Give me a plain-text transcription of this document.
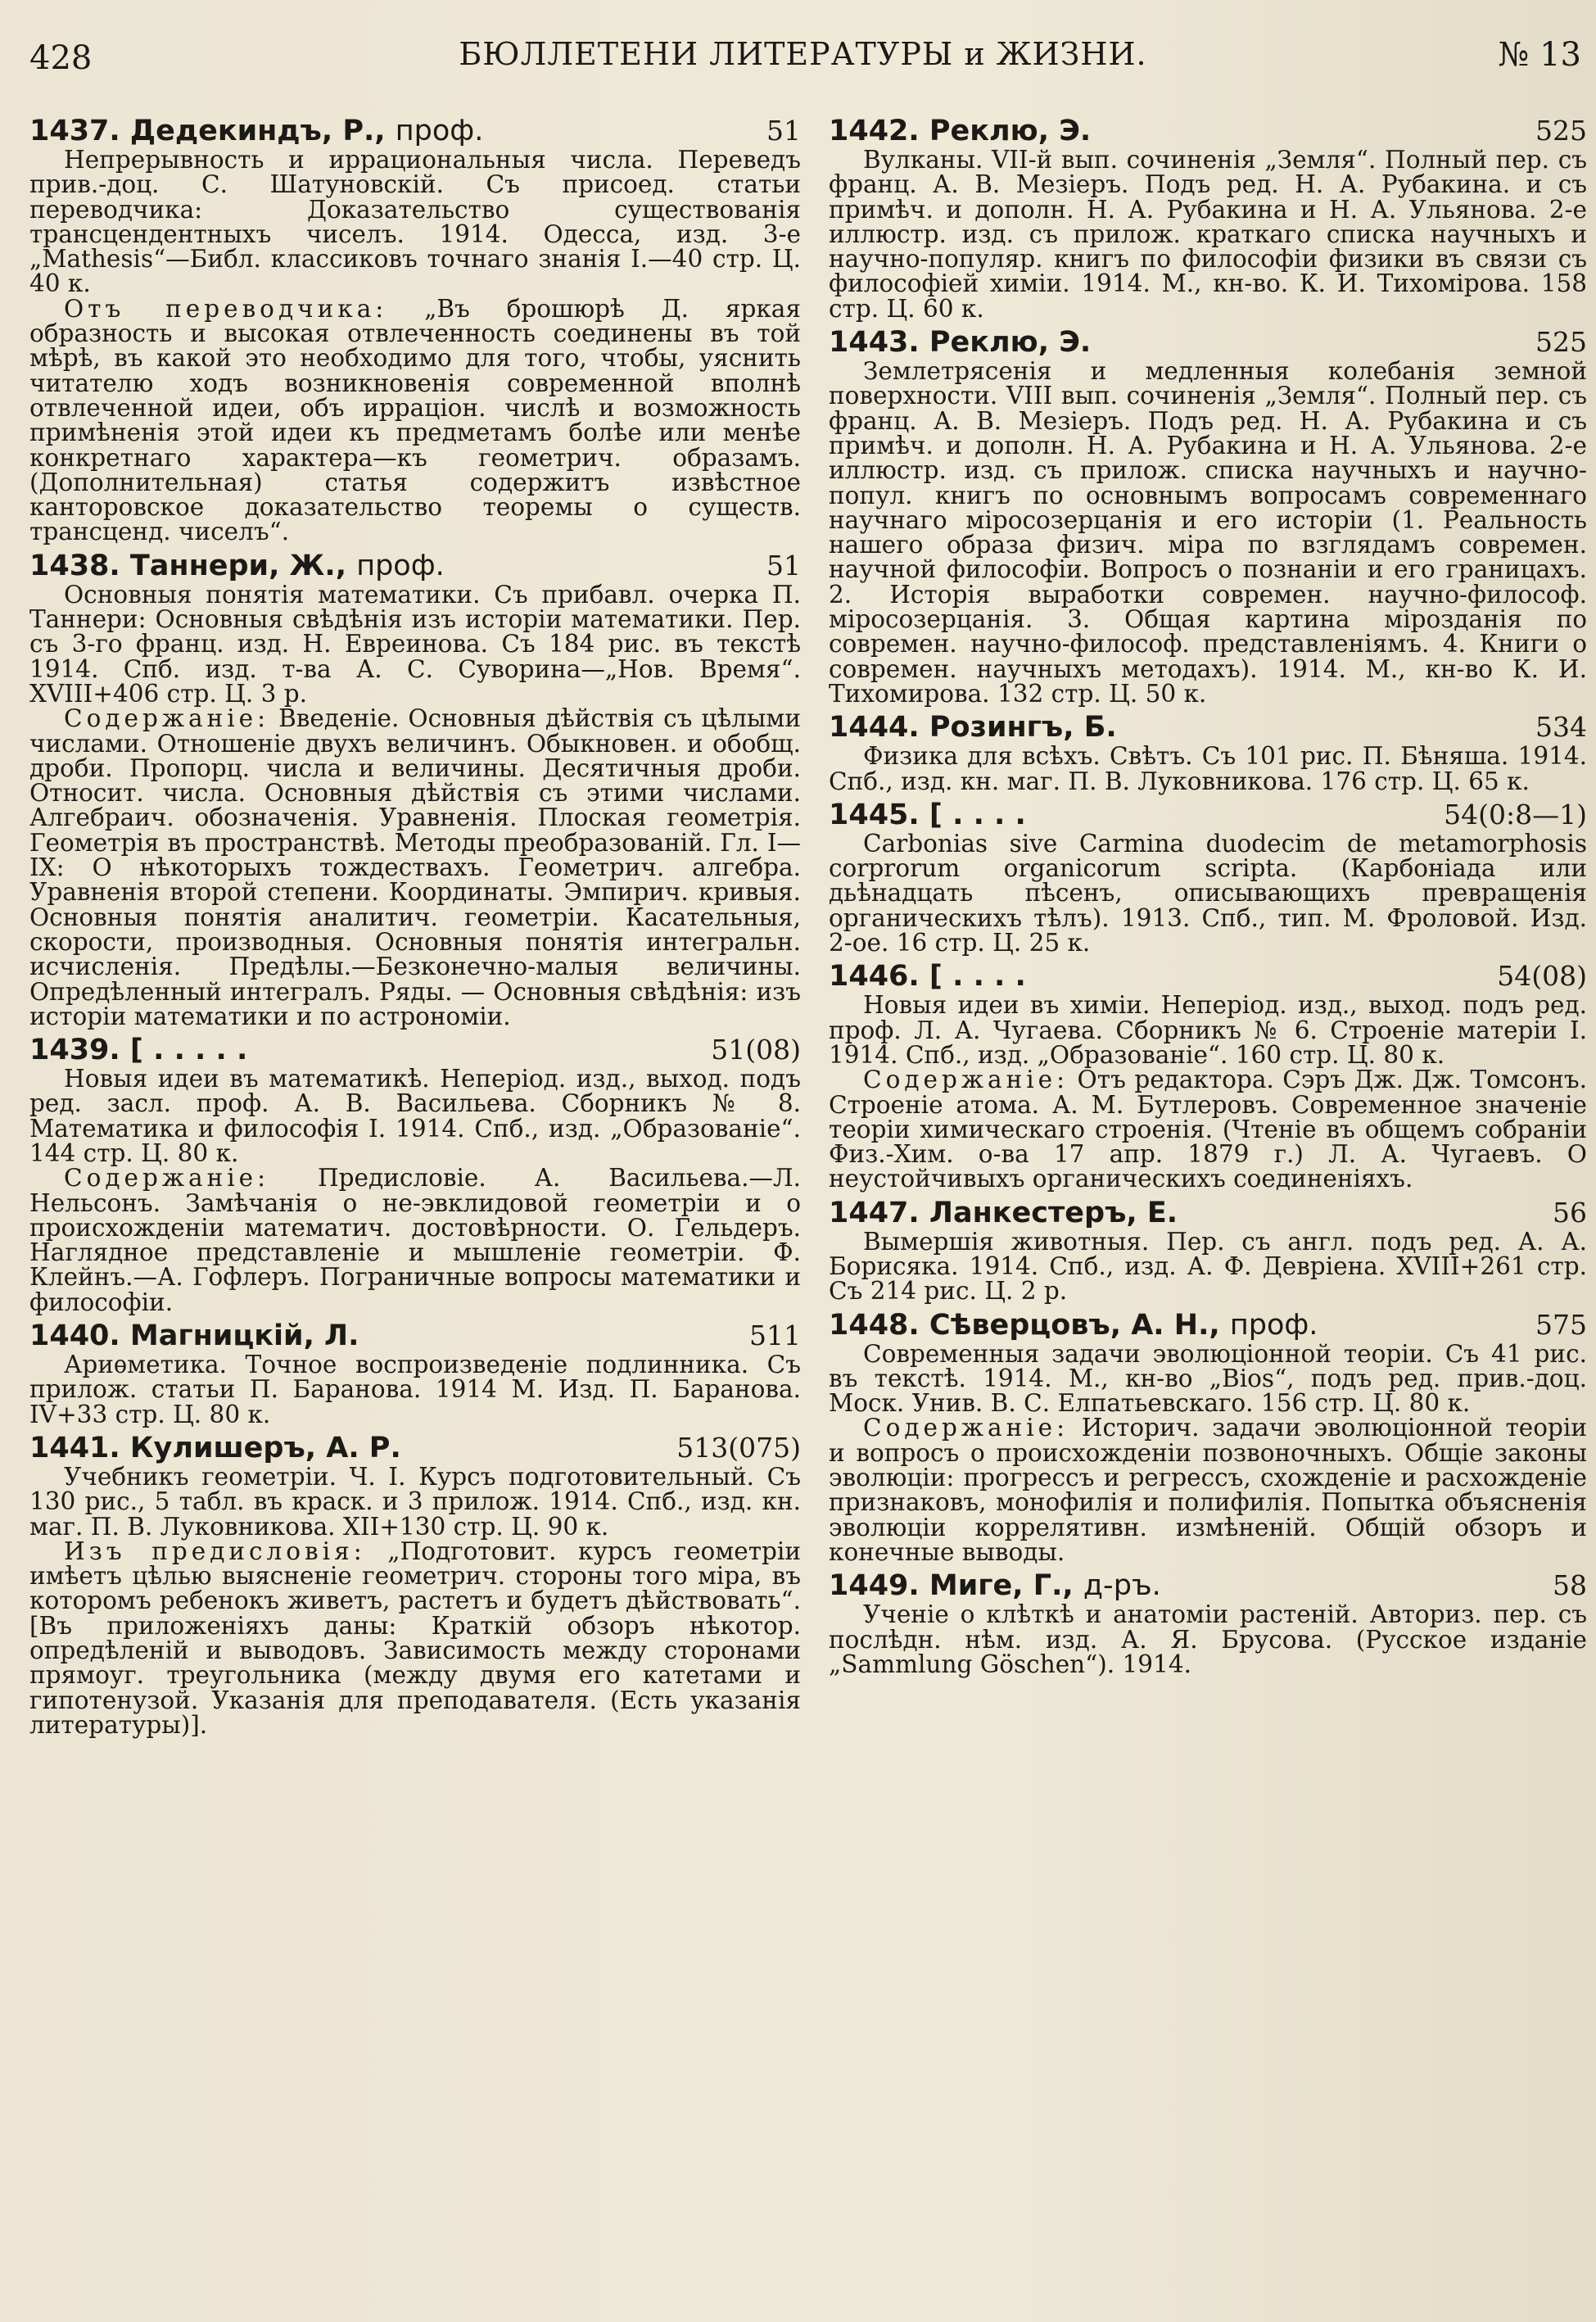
428	БЮЛЛЕТЕНИ ЛИТЕРАТУРЫ и ЖИЗНИ.	№ 13
1437. Дедекиндъ, Р., проф.	51

Непрерывность и иррациональныя числа. Переведъ прив.-доц. С. Шатуновскій. Съ присоед. статьи переводчика: Доказательство существованія трансцендентныхъ чиселъ. 1914. Одесса, изд. 3-е „Mathesis“—Библ. классиковъ точнаго знанія I.—40 стр. Ц. 40 к.

Отъ переводчика: „Въ брошюрѣ Д. яркая образность и высокая отвлеченность соединены въ той мѣрѣ, въ какой это необходимо для того, чтобы, уяснить читателю ходъ возникновенія современной вполнѣ отвлеченной идеи, объ ирраціон. числѣ и возможность примѣненія этой идеи къ предметамъ болѣе или менѣе конкретнаго характера—къ геометрич. образамъ. (Дополнительная) статья содержитъ извѣстное канторовское доказательство теоремы о существ. трансценд. чиселъ“.

1438. Таннери, Ж., проф.	51

Основныя понятія математики. Съ прибавл. очерка П. Таннери: Основныя свѣдѣнія изъ исторіи математики. Пер. съ 3-го франц. изд. Н. Евреинова. Съ 184 рис. въ текстѣ 1914. Спб. изд. т-ва А. С. Суворина—„Нов. Время“. XVIII+406 стр. Ц. 3 р.

Содержаніе: Введеніе. Основныя дѣйствія съ цѣлыми числами. Отношеніе двухъ величинъ. Обыкновен. и обобщ. дроби. Пропорц. числа и величины. Десятичныя дроби. Относит. числа. Основныя дѣйствія съ этими числами. Алгебраич. обозначенія. Уравненія. Плоская геометрія. Геометрія въ пространствѣ. Методы преобразованій. Гл. I—IX: О нѣкоторыхъ тождествахъ. Геометрич. алгебра. Уравненія второй степени. Координаты. Эмпирич. кривыя. Основныя понятія аналитич. геометріи. Касательныя, скорости, производныя. Основныя понятія интегральн. исчисленія. Предѣлы.—Безконечно-малыя величины. Опредѣленный интегралъ. Ряды. — Основныя свѣдѣнія: изъ исторіи математики и по астрономіи.

1439. [ . . . . .	51(08)

Новыя идеи въ математикѣ. Неперіод. изд., выход. подъ ред. засл. проф. А. В. Васильева. Сборникъ № 8. Математика и философія I. 1914. Спб., изд. „Образованіе“. 144 стр. Ц. 80 к.

Содержаніе: Предисловіе. А. Васильева.—Л. Нельсонъ. Замѣчанія о не-эвклидовой геометріи и о происхожденіи математич. достовѣрности. О. Гельдеръ. Наглядное представленіе и мышленіе геометріи. Ф. Клейнъ.—А. Гофлеръ. Пограничные вопросы математики и философіи.

1440. Магницкій, Л.	511

Ариѳметика. Точное воспроизведеніе подлинника. Съ прилож. статьи П. Баранова. 1914 М. Изд. П. Баранова. IV+33 стр. Ц. 80 к.

1441. Кулишеръ, А. Р.	513(075)

Учебникъ геометріи. Ч. I. Курсъ подготовительный. Съ 130 рис., 5 табл. въ краск. и 3 прилож. 1914. Спб., изд. кн. маг. П. В. Луковникова. XII+130 стр. Ц. 90 к.

Изъ предисловія: „Подготовит. курсъ геометріи имѣетъ цѣлью выясненіе геометрич. стороны того міра, въ которомъ ребенокъ живетъ, растетъ и будетъ дѣйствовать“. [Въ приложеніяхъ даны: Краткій обзоръ нѣкотор. опредѣленій и выводовъ. Зависимость между сторонами прямоуг. треугольника (между двумя его катетами и гипотенузой. Указанія для преподавателя. (Есть указанія литературы)].

1442. Реклю, Э.	525

Вулканы. VII-й вып. сочиненія „Земля“. Полный пер. съ франц. А. В. Мезіеръ. Подъ ред. Н. А. Рубакина. и съ примѣч. и дополн. Н. А. Рубакина и Н. А. Ульянова. 2-е иллюстр. изд. съ прилож. краткаго списка научныхъ и научно-популяр. книгъ по философіи физики въ связи съ философіей химіи. 1914. М., кн-во. К. И. Тихоміровa. 158 стр. Ц. 60 к.

1443. Реклю, Э.	525

Землетрясенія и медленныя колебанія земной поверхности. VIII вып. сочиненія „Земля“. Полный пер. съ франц. А. В. Мезіеръ. Подъ ред. Н. А. Рубакина и съ примѣч. и дополн. Н. А. Рубакина и Н. А. Ульянова. 2-е иллюстр. изд. съ прилож. списка научныхъ и научно-попул. книгъ по основнымъ вопросамъ современнаго научнаго міросозерцанія и его исторіи (1. Реальность нашего образа физич. міра по взглядамъ современ. научной философіи. Вопросъ о познаніи и его границахъ. 2. Исторія выработки современ. научно-философ. міросозерцанія. 3. Общая картина мірозданія по современ. научно-философ. представленіямъ. 4. Книги о современ. научныхъ методахъ). 1914. М., кн-во К. И. Тихомирова. 132 стр. Ц. 50 к.

1444. Розингъ, Б.	534

Физика для всѣхъ. Свѣтъ. Съ 101 рис. П. Бѣняша. 1914. Спб., изд. кн. маг. П. В. Луковникова. 176 стр. Ц. 65 к.

1445. [ . . . .	54(0:8—1)

Carbonias sive Carmina duodecim de metamorphosis corprorum organicorum scripta. (Карбоніада или дьѣнадцать пѣсенъ, описывающихъ превращенія органическихъ тѣлъ). 1913. Спб., тип. М. Фроловой. Изд. 2-ое. 16 стр. Ц. 25 к.

1446. [ . . . .	54(08)

Новыя идеи въ химіи. Неперіод. изд., выход. подъ ред. проф. Л. А. Чугаева. Сборникъ № 6. Строеніе матеріи I. 1914. Спб., изд. „Образованіе“. 160 стр. Ц. 80 к.

Содержаніе: Отъ редактора. Сэръ Дж. Дж. Томсонъ. Строеніе атома. А. М. Бутлеровъ. Современное значеніе теоріи химическаго строенія. (Чтеніе въ общемъ собраніи Физ.-Хим. о-ва 17 апр. 1879 г.) Л. А. Чугаевъ. О неустойчивыхъ органическихъ соединеніяхъ.

1447. Ланкестеръ, Е.	56

Вымершія животныя. Пер. съ англ. подъ ред. А. А. Борисяка. 1914. Спб., изд. А. Ф. Девріена. XVIII+261 стр. Съ 214 рис. Ц. 2 р.

1448. Сѣверцовъ, А. Н., проф.	575

Современныя задачи эволюціонной теоріи. Съ 41 рис. въ текстѣ. 1914. М., кн-во „Bios“, подъ ред. прив.-доц. Моск. Унив. В. С. Елпатьевскаго. 156 стр. Ц. 80 к.

Содержаніе: Историч. задачи эволюціонной теоріи и вопросъ о происхожденіи позвоночныхъ. Общіе законы эволюціи: прогрессъ и регрессъ, схожденіе и расхожденіе признаковъ, монофилія и полифилія. Попытка объясненія эволюціи коррелятивн. измѣненій. Общій обзоръ и конечные выводы.

1449. Миге, Г., д-ръ.	58

Ученіе о клѣткѣ и анатоміи растеній. Авториз. пер. съ послѣдн. нѣм. изд. А. Я. Брусова. (Русское изданіе „Sammlung Göschen“). 1914.
